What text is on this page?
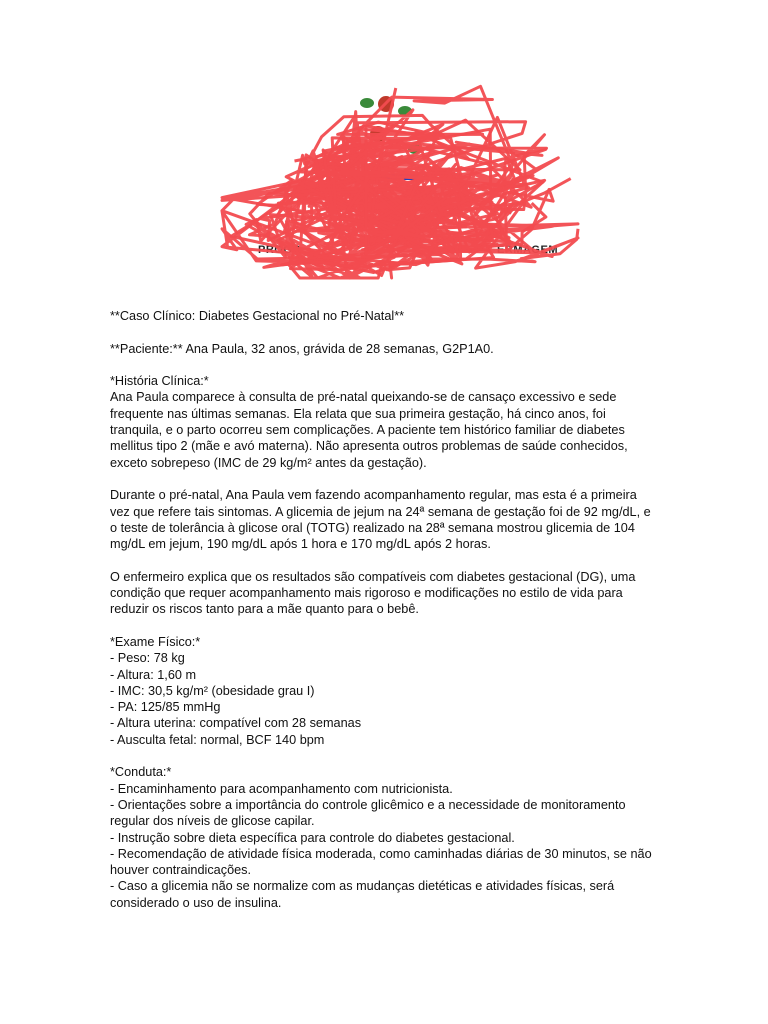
PROGR	ERMAGEM

**Caso Clínico: Diabetes Gestacional no Pré-Natal**

**Paciente:** Ana Paula, 32 anos, grávida de 28 semanas, G2P1A0.

*História Clínica:*

Ana Paula comparece à consulta de pré-natal queixando-se de cansaço excessivo e sede

frequente nas últimas semanas. Ela relata que sua primeira gestação, há cinco anos, foi

tranquila, e o parto ocorreu sem complicações. A paciente tem histórico familiar de diabetes

mellitus tipo 2 (mãe e avó materna). Não apresenta outros problemas de saúde conhecidos,

exceto sobrepeso (IMC de 29 kg/m² antes da gestação).

Durante o pré-natal, Ana Paula vem fazendo acompanhamento regular, mas esta é a primeira

vez que refere tais sintomas. A glicemia de jejum na 24ª semana de gestação foi de 92 mg/dL, e

o teste de tolerância à glicose oral (TOTG) realizado na 28ª semana mostrou glicemia de 104

mg/dL em jejum, 190 mg/dL após 1 hora e 170 mg/dL após 2 horas.

O enfermeiro explica que os resultados são compatíveis com diabetes gestacional (DG), uma

condição que requer acompanhamento mais rigoroso e modificações no estilo de vida para

reduzir os riscos tanto para a mãe quanto para o bebê.

*Exame Físico:*

- Peso: 78 kg

- Altura: 1,60 m

- IMC: 30,5 kg/m² (obesidade grau I)

- PA: 125/85 mmHg

- Altura uterina: compatível com 28 semanas

- Ausculta fetal: normal, BCF 140 bpm

*Conduta:*

- Encaminhamento para acompanhamento com nutricionista.

- Orientações sobre a importância do controle glicêmico e a necessidade de monitoramento

regular dos níveis de glicose capilar.

- Instrução sobre dieta específica para controle do diabetes gestacional.

- Recomendação de atividade física moderada, como caminhadas diárias de 30 minutos, se não

houver contraindicações.

- Caso a glicemia não se normalize com as mudanças dietéticas e atividades físicas, será

considerado o uso de insulina.
